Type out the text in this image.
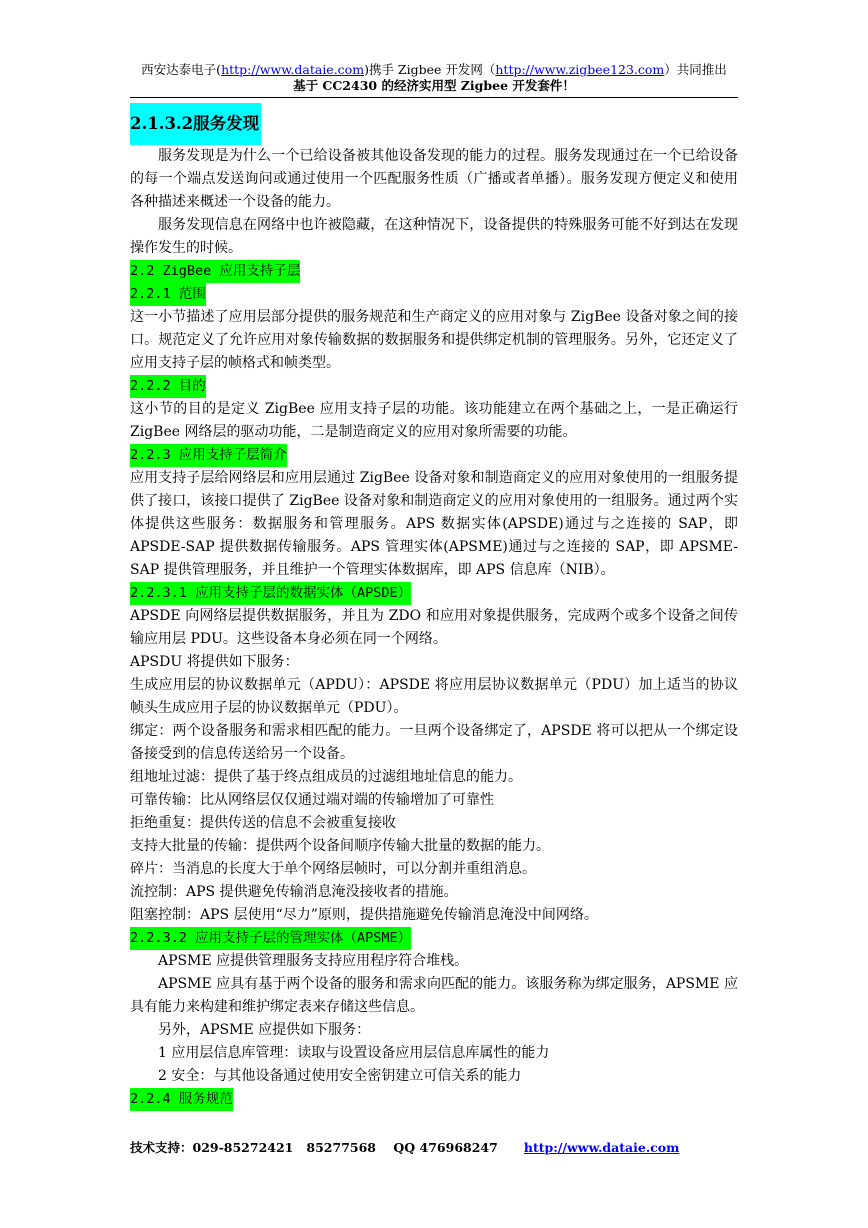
西安达泰电子(http://www.dataie.com)携手 Zigbee 开发网（http://www.zigbee123.com）共同推出
基于 CC2430 的经济实用型 Zigbee 开发套件！
2.1.3.2服务发现

服务发现是为什么一个已给设备被其他设备发现的能力的过程。服务发现通过在一个已给设备的每一个端点发送询问或通过使用一个匹配服务性质（广播或者单播）。服务发现方便定义和使用各种描述来概述一个设备的能力。

服务发现信息在网络中也许被隐藏，在这种情况下，设备提供的特殊服务可能不好到达在发现操作发生的时候。

2.2 ZigBee 应用支持子层
2.2.1 范围

这一小节描述了应用层部分提供的服务规范和生产商定义的应用对象与 ZigBee 设备对象之间的接口。规范定义了允许应用对象传输数据的数据服务和提供绑定机制的管理服务。另外，它还定义了应用支持子层的帧格式和帧类型。

2.2.2 目的

这小节的目的是定义 ZigBee 应用支持子层的功能。该功能建立在两个基础之上，一是正确运行 ZigBee 网络层的驱动功能，二是制造商定义的应用对象所需要的功能。

2.2.3 应用支持子层简介

应用支持子层给网络层和应用层通过 ZigBee 设备对象和制造商定义的应用对象使用的一组服务提供了接口，该接口提供了 ZigBee 设备对象和制造商定义的应用对象使用的一组服务。通过两个实体提供这些服务：数据服务和管理服务。APS 数据实体(APSDE)通过与之连接的 SAP，即 APSDE-SAP 提供数据传输服务。APS 管理实体(APSME)通过与之连接的 SAP，即 APSME-SAP 提供管理服务，并且维护一个管理实体数据库，即 APS 信息库（NIB）。

2.2.3.1 应用支持子层的数据实体（APSDE）

APSDE 向网络层提供数据服务，并且为 ZDO 和应用对象提供服务，完成两个或多个设备之间传输应用层 PDU。这些设备本身必须在同一个网络。

APSDU 将提供如下服务：

生成应用层的协议数据单元（APDU）：APSDE 将应用层协议数据单元（PDU）加上适当的协议帧头生成应用子层的协议数据单元（PDU）。

绑定：两个设备服务和需求相匹配的能力。一旦两个设备绑定了，APSDE 将可以把从一个绑定设备接受到的信息传送给另一个设备。

组地址过滤：提供了基于终点组成员的过滤组地址信息的能力。

可靠传输：比从网络层仅仅通过端对端的传输增加了可靠性

拒绝重复：提供传送的信息不会被重复接收

支持大批量的传输：提供两个设备间顺序传输大批量的数据的能力。

碎片：当消息的长度大于单个网络层帧时，可以分割并重组消息。

流控制：APS 提供避免传输消息淹没接收者的措施。

阻塞控制：APS 层使用“尽力”原则，提供措施避免传输消息淹没中间网络。

2.2.3.2 应用支持子层的管理实体（APSME）

APSME 应提供管理服务支持应用程序符合堆栈。

APSME 应具有基于两个设备的服务和需求向匹配的能力。该服务称为绑定服务，APSME 应具有能力来构建和维护绑定表来存储这些信息。

另外，APSME 应提供如下服务：

1 应用层信息库管理：读取与设置设备应用层信息库属性的能力

2 安全：与其他设备通过使用安全密钥建立可信关系的能力

2.2.4 服务规范
技术支持：029-85272421   85277568    QQ 476968247      http://www.dataie.com
